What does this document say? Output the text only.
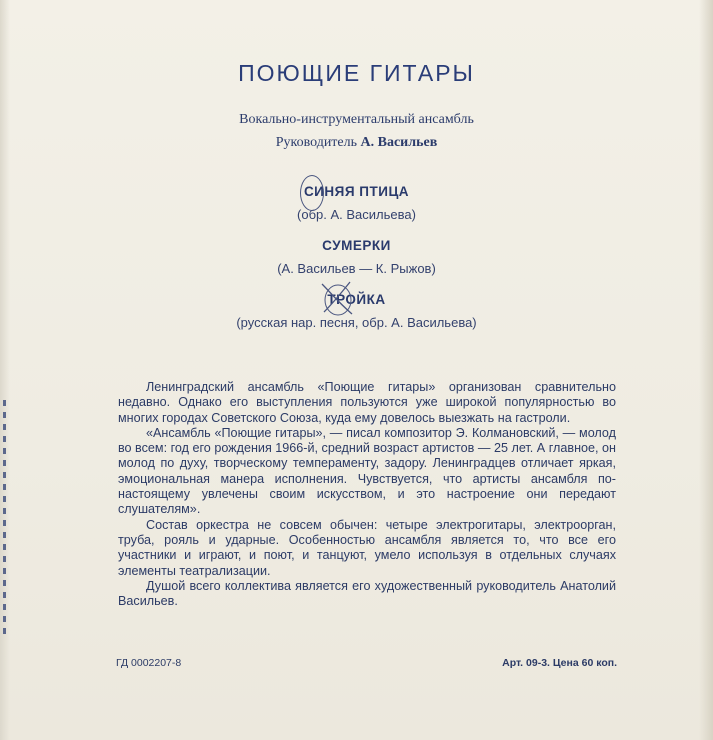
ПОЮЩИЕ ГИТАРЫ
Вокально-инструментальный ансамбль
Руководитель А. Васильев
СИНЯЯ ПТИЦА
(обр. А. Васильева)
СУМЕРКИ
(А. Васильев — К. Рыжов)
ТРОЙКА
(русская нар. песня, обр. А. Васильева)

Ленинградский ансамбль «Поющие гитары» организован сравнительно недавно. Однако его выступления пользуются уже широкой популярностью во многих городах Советского Союза, куда ему довелось выезжать на гастроли.

«Ансамбль «Поющие гитары», — писал композитор Э. Колмановский, — молод во всем: год его рождения 1966-й, средний возраст артистов — 25 лет. А главное, он молод по духу, творческому темпераменту, задору. Ленинградцев отличает яркая, эмоциональная манера исполнения. Чувствуется, что артисты ансамбля по-настоящему увлечены своим искусством, и это настроение они передают слушателям».

Состав оркестра не совсем обычен: четыре электрогитары, электроорган, труба, рояль и ударные. Особенностью ансамбля является то, что все его участники и играют, и поют, и танцуют, умело используя в отдельных случаях элементы театрализации.

Душой всего коллектива является его художественный руководитель Анатолий Васильев.

ГД 0002207-8	Арт. 09-3. Цена 60 коп.
